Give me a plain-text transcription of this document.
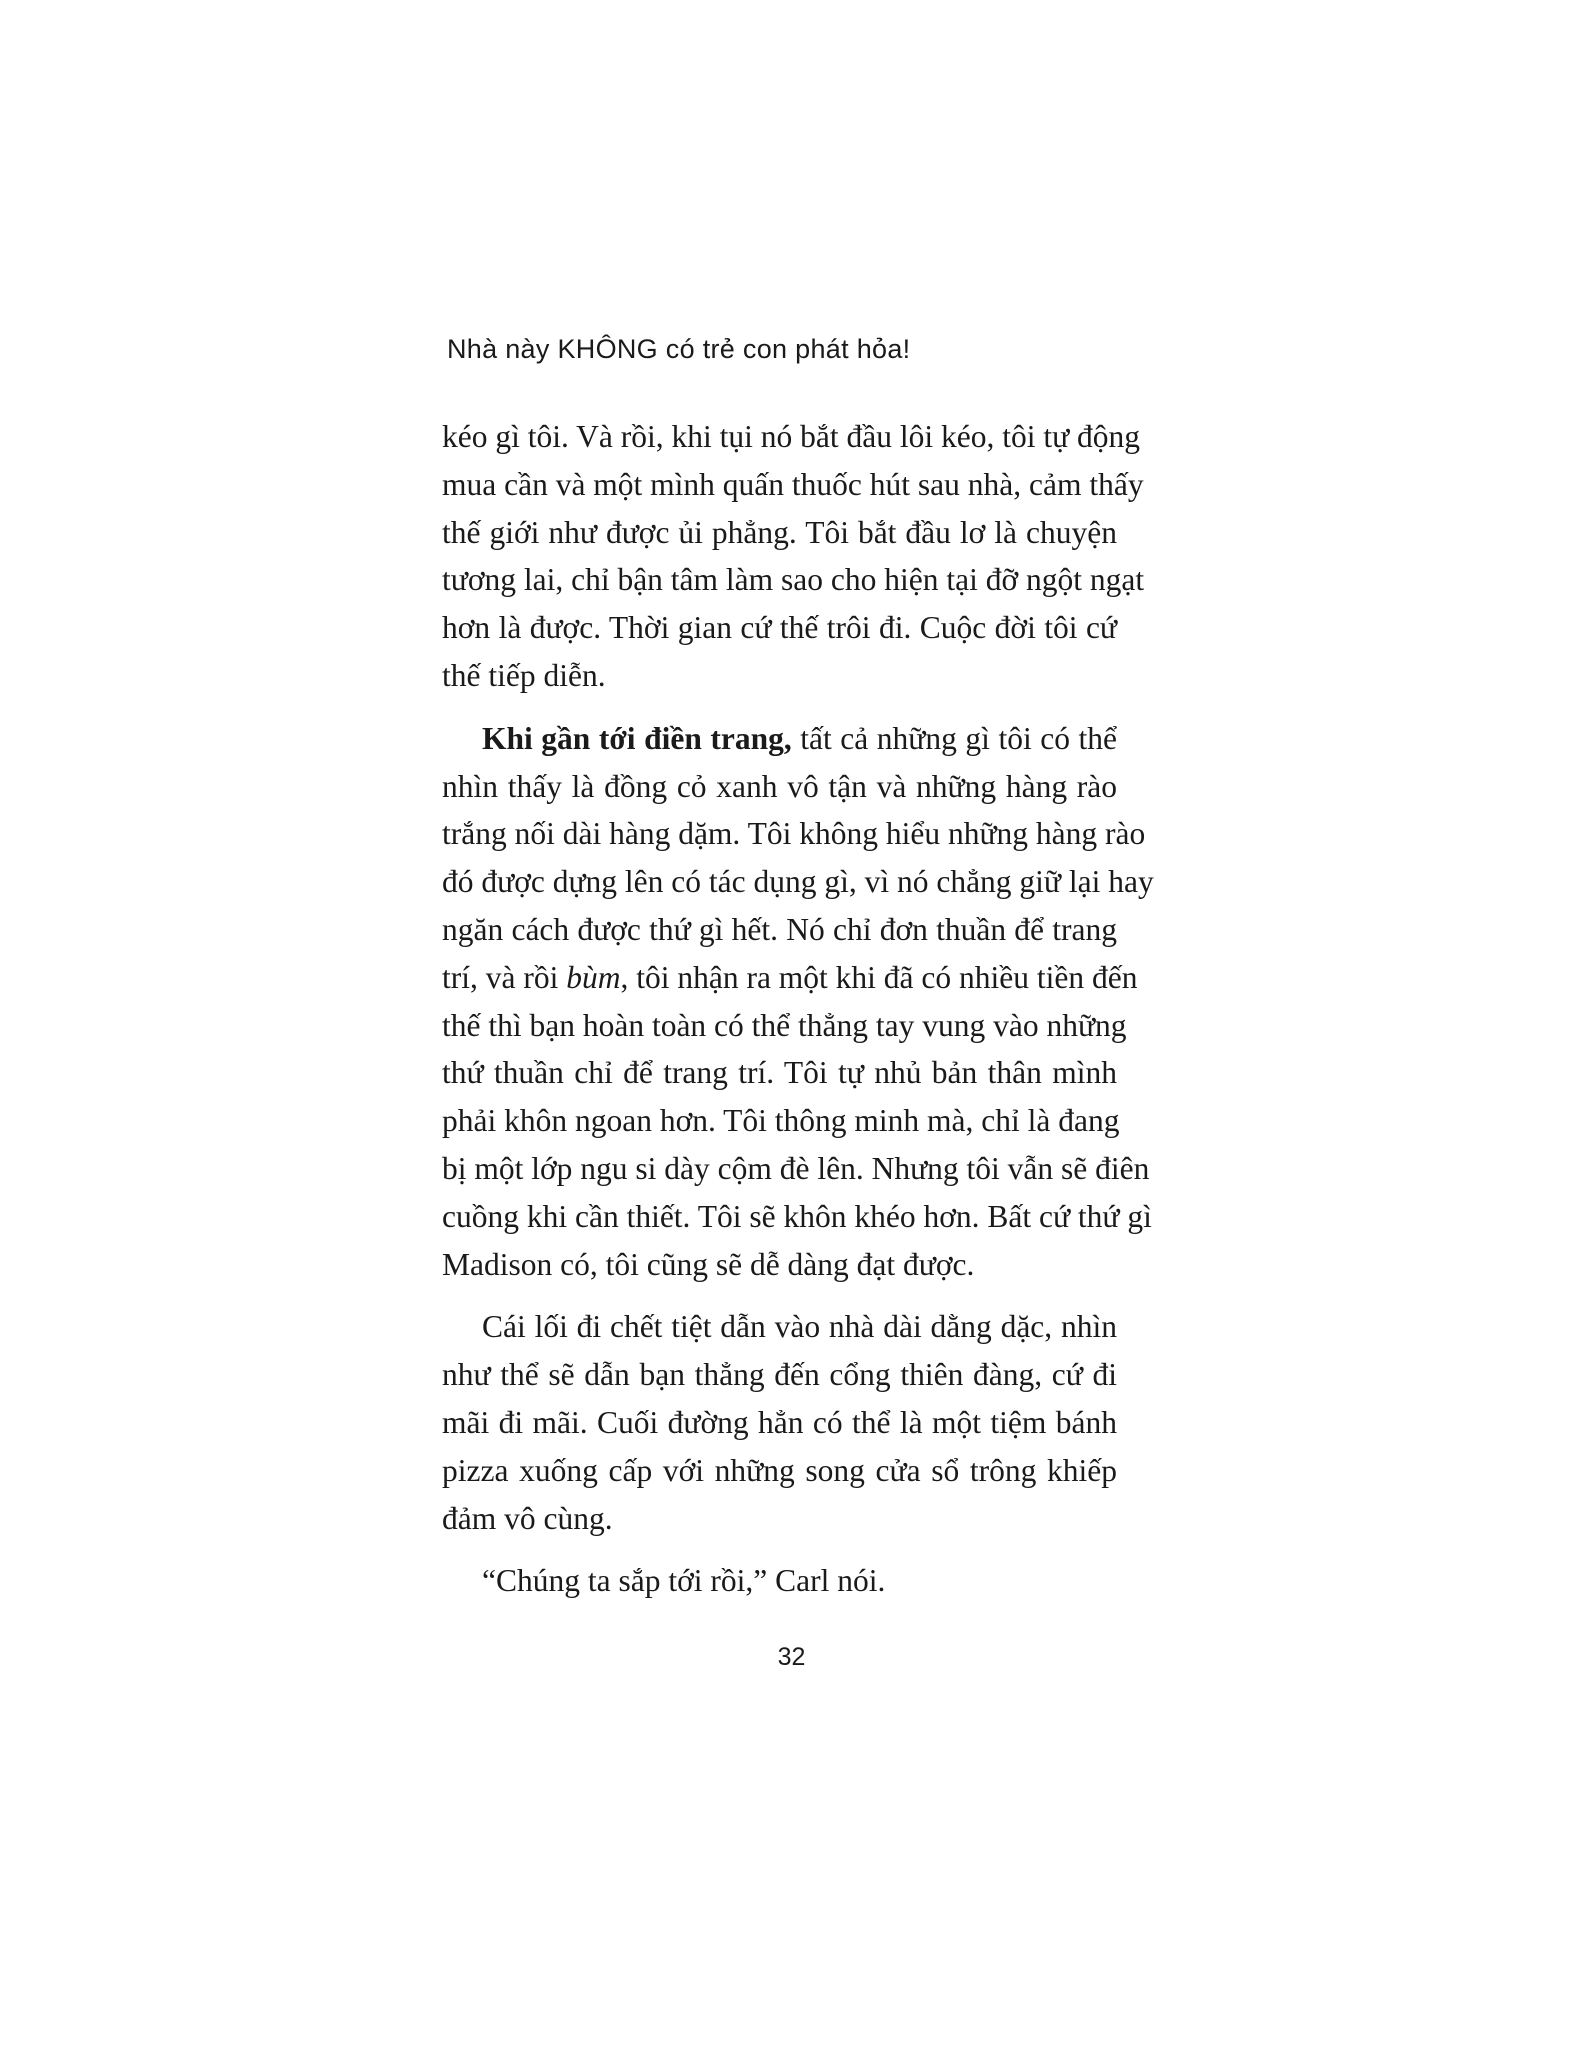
Nhà này KHÔNG có trẻ con phát hỏa!
kéo gì tôi. Và rồi, khi tụi nó bắt đầu lôi kéo, tôi tự động
mua cần và một mình quấn thuốc hút sau nhà, cảm thấy
thế giới như được ủi phẳng. Tôi bắt đầu lơ là chuyện
tương lai, chỉ bận tâm làm sao cho hiện tại đỡ ngột ngạt
hơn là được. Thời gian cứ thế trôi đi. Cuộc đời tôi cứ
thế tiếp diễn.
Khi gần tới điền trang, tất cả những gì tôi có thể
nhìn thấy là đồng cỏ xanh vô tận và những hàng rào
trắng nối dài hàng dặm. Tôi không hiểu những hàng rào
đó được dựng lên có tác dụng gì, vì nó chẳng giữ lại hay
ngăn cách được thứ gì hết. Nó chỉ đơn thuần để trang
trí, và rồi bùm, tôi nhận ra một khi đã có nhiều tiền đến
thế thì bạn hoàn toàn có thể thẳng tay vung vào những
thứ thuần chỉ để trang trí. Tôi tự nhủ bản thân mình
phải khôn ngoan hơn. Tôi thông minh mà, chỉ là đang
bị một lớp ngu si dày cộm đè lên. Nhưng tôi vẫn sẽ điên
cuồng khi cần thiết. Tôi sẽ khôn khéo hơn. Bất cứ thứ gì
Madison có, tôi cũng sẽ dễ dàng đạt được.
Cái lối đi chết tiệt dẫn vào nhà dài dằng dặc, nhìn
như thể sẽ dẫn bạn thẳng đến cổng thiên đàng, cứ đi
mãi đi mãi. Cuối đường hẳn có thể là một tiệm bánh
pizza xuống cấp với những song cửa sổ trông khiếp
đảm vô cùng.
“Chúng ta sắp tới rồi,” Carl nói.
32
